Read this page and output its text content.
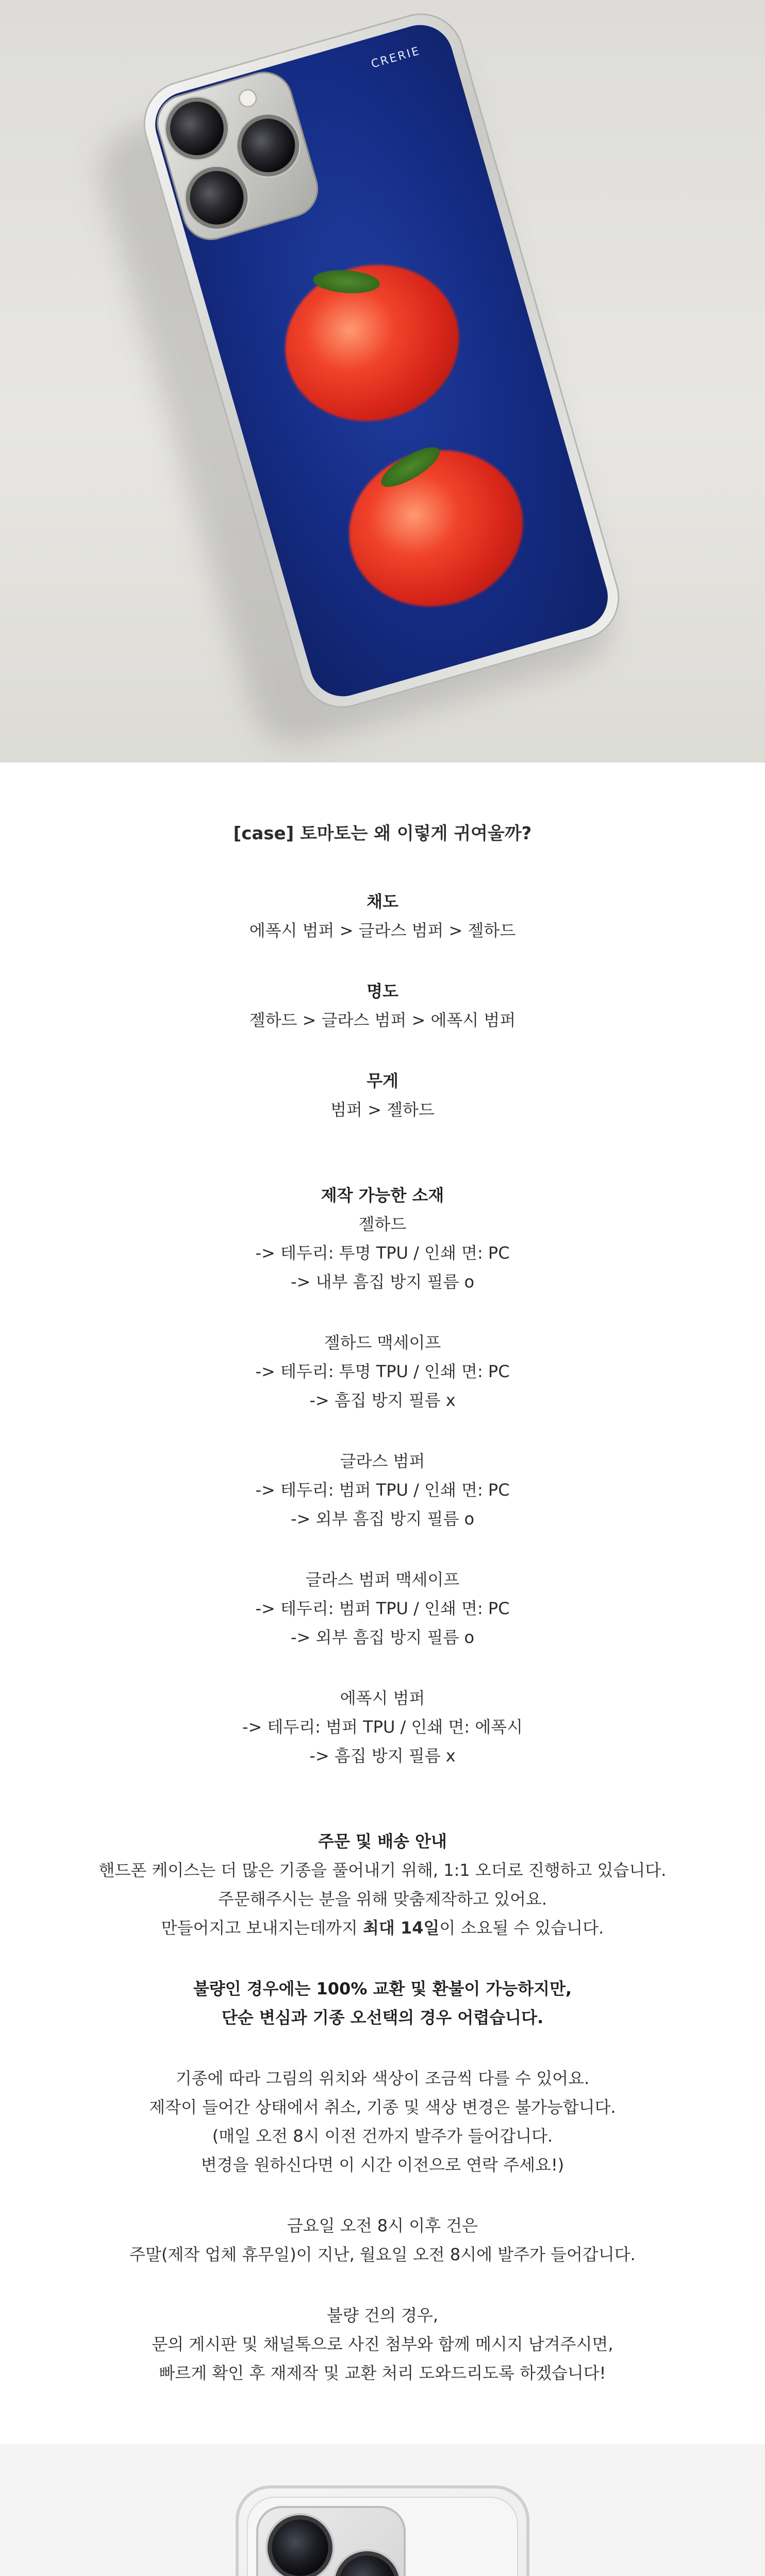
CRERIE
[case] 토마토는 왜 이렇게 귀여울까?
채도
에폭시 범퍼 > 글라스 범퍼 > 젤하드
명도
젤하드 > 글라스 범퍼 > 에폭시 범퍼
무게
범퍼 > 젤하드
제작 가능한 소재
젤하드
-> 테두리: 투명 TPU / 인쇄 면: PC
-> 내부 흠집 방지 필름 o
젤하드 맥세이프
-> 테두리: 투명 TPU / 인쇄 면: PC
-> 흠집 방지 필름 x
글라스 범퍼
-> 테두리: 범퍼 TPU / 인쇄 면: PC
-> 외부 흠집 방지 필름 o
글라스 범퍼 맥세이프
-> 테두리: 범퍼 TPU / 인쇄 면: PC
-> 외부 흠집 방지 필름 o
에폭시 범퍼
-> 테두리: 범퍼 TPU / 인쇄 면: 에폭시
-> 흠집 방지 필름 x
주문 및 배송 안내
핸드폰 케이스는 더 많은 기종을 풀어내기 위해, 1:1 오더로 진행하고 있습니다.
주문해주시는 분을 위해 맞춤제작하고 있어요.
만들어지고 보내지는데까지 최대 14일이 소요될 수 있습니다.
불량인 경우에는 100% 교환 및 환불이 가능하지만,
단순 변심과 기종 오선택의 경우 어렵습니다.
기종에 따라 그림의 위치와 색상이 조금씩 다를 수 있어요.
제작이 들어간 상태에서 취소, 기종 및 색상 변경은 불가능합니다.
(매일 오전 8시 이전 건까지 발주가 들어갑니다.
변경을 원하신다면 이 시간 이전으로 연락 주세요!)
금요일 오전 8시 이후 건은
주말(제작 업체 휴무일)이 지난, 월요일 오전 8시에 발주가 들어갑니다.
불량 건의 경우,
문의 게시판 및 채널톡으로 사진 첨부와 함께 메시지 남겨주시면,
빠르게 확인 후 재제작 및 교환 처리 도와드리도록 하겠습니다!
